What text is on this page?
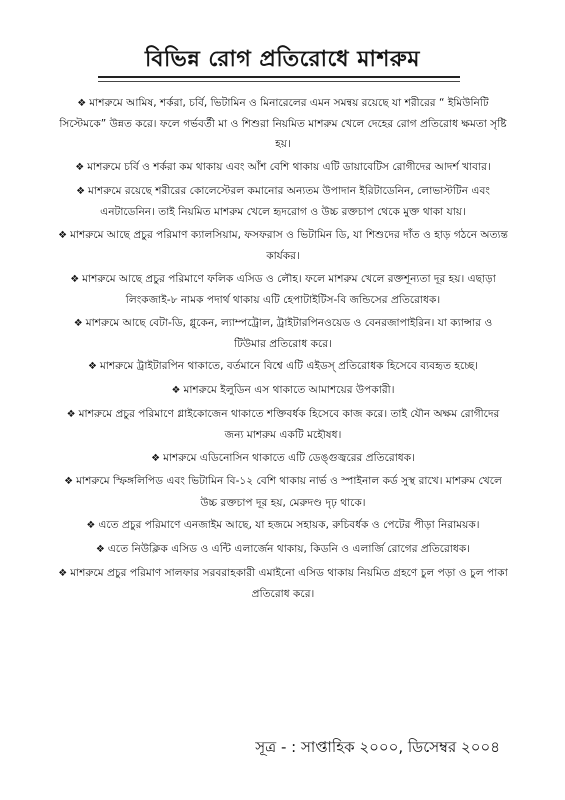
বিভিন্ন রোগ প্রতিরোধে মাশরুম

❖ মাশরুমে আমিষ, শর্করা, চর্বি, ভিটামিন ও মিনারেলের এমন সমন্বয় রয়েছে যা শরীরের “ ইমিউনিটি সিস্টেমকে” উন্নত করে। ফলে গর্ভবর্তী মা ও শিশুরা নিয়মিত মাশরুম খেলে দেহের রোগ প্রতিরোধ ক্ষমতা সৃষ্টি হয়।

❖ মাশরুমে চর্বি ও শর্করা কম থাকায় এবং আঁশ বেশি থাকায় এটি ডায়াবেটিস রোগীদের আদর্শ খাবার।

❖ মাশরুমে রয়েছে শরীরের কোলেস্টেরল কমানোর অন্যতম উপাদান ইরিটাডেনিন, লোভাস্টটিন এবং এনটাডেনিন। তাই নিয়মিত মাশরুম খেলে হৃদরোগ ও উচ্চ রক্তচাপ থেকে মুক্ত থাকা যায়।

❖ মাশরুমে আছে প্রচুর পরিমাণ ক্যালসিয়াম, ফসফরাস ও ভিটামিন ডি, যা শিশুদের দাঁত ও হাড় গঠনে অত্যন্ত কার্যকর।

❖ মাশরুমে আছে প্রচুর পরিমাণে ফলিক এসিড ও লৌহ। ফলে মাশরুম খেলে রক্তশূন্যতা দূর হয়। এছাড়া লিংকজাই-৮ নামক পদার্থ থাকায় এটি হেপাটাইটিস-বি জন্ডিসের প্রতিরোধক।

❖ মাশরুমে আছে বেটা-ডি, গ্লুকেন, ল্যাম্পট্রোল, ট্রাইটারপিনওয়েড ও বেনরজাপাইরিন। যা ক্যান্সার ও টিউমার প্রতিরোধ করে।

❖ মাশরুমে ট্রাইটারপিন থাকাতে, বর্তমানে বিশ্বে এটি এইডস্ প্রতিরোধক হিসেবে ব্যবহৃত হচ্ছে।

❖ মাশরুমে ইলুডিন এস থাকাতে আমাশয়ের উপকারী।

❖ মাশরুমে প্রচুর পরিমাণে গ্লাইকোজেন থাকাতে শক্তিবর্ধক হিসেবে কাজ করে। তাই যৌন অক্ষম রোগীদের জন্য মাশরুম একটি মহৌষধ।

❖ মাশরুমে এডিনোসিন থাকাতে এটি ডেঙ্গুজ্বরের প্রতিরোধক।

❖ মাশরুমে স্ফিঙ্গলিপিড এবং ভিটামিন বি-১২ বেশি থাকায় নার্ভ ও স্পাইনাল কর্ড সুস্থ রাখে। মাশরুম খেলে উচ্চ রক্তচাপ দূর হয়, মেরুদণ্ড দৃঢ় থাকে।

❖ এতে প্রচুর পরিমাণে এনজাইম আছে, যা হজমে সহায়ক, রুচিবর্ধক ও পেটের পীড়া নিরাময়ক।

❖ এতে নিউক্লিক এসিড ও এন্টি এলার্জেন থাকায়, কিডনি ও এলার্জি রোগের প্রতিরোধক।

❖ মাশরুমে প্রচুর পরিমাণ সালফার সরবরাহকারী এমাইনো এসিড থাকায় নিয়মিত গ্রহণে চুল পড়া ও চুল পাকা প্রতিরোধ করে।

সূত্র - : সাপ্তাহিক ২০০০, ডিসেম্বর ২০০৪
